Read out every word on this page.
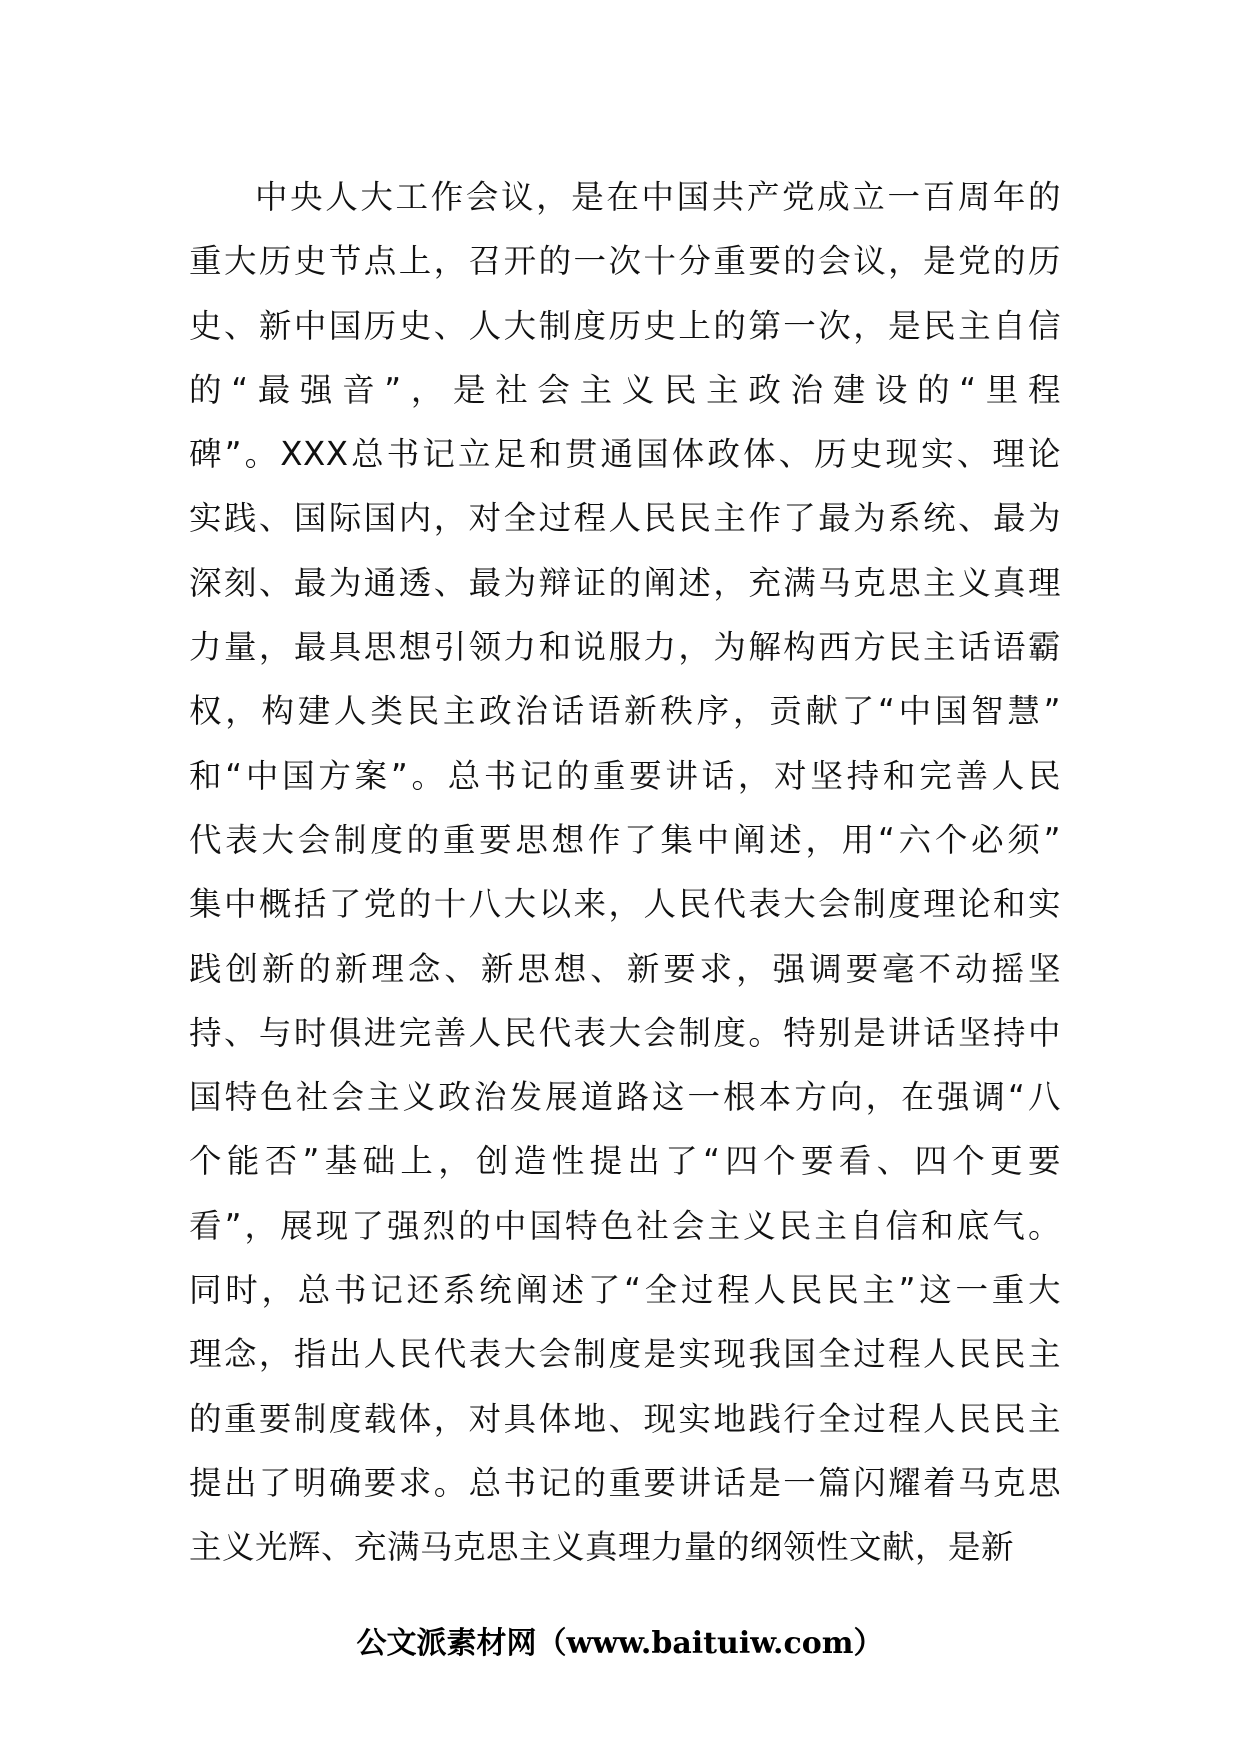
中央人大工作会议，是在中国共产党成立一百周年的
重大历史节点上，召开的一次十分重要的会议，是党的历
史、新中国历史、人大制度历史上的第一次，是民主自信
的“最强音”，是社会主义民主政治建设的“里程
碑”。XXX总书记立足和贯通国体政体、历史现实、理论
实践、国际国内，对全过程人民民主作了最为系统、最为
深刻、最为通透、最为辩证的阐述，充满马克思主义真理
力量，最具思想引领力和说服力，为解构西方民主话语霸
权，构建人类民主政治话语新秩序，贡献了“中国智慧”
和“中国方案”。总书记的重要讲话，对坚持和完善人民
代表大会制度的重要思想作了集中阐述，用“六个必须”
集中概括了党的十八大以来，人民代表大会制度理论和实
践创新的新理念、新思想、新要求，强调要毫不动摇坚
持、与时俱进完善人民代表大会制度。特别是讲话坚持中
国特色社会主义政治发展道路这一根本方向，在强调“八
个能否”基础上，创造性提出了“四个要看、四个更要
看”，展现了强烈的中国特色社会主义民主自信和底气。
同时，总书记还系统阐述了“全过程人民民主”这一重大
理念，指出人民代表大会制度是实现我国全过程人民民主
的重要制度载体，对具体地、现实地践行全过程人民民主
提出了明确要求。总书记的重要讲话是一篇闪耀着马克思
主义光辉、充满马克思主义真理力量的纲领性文献，是新

公文派素材网（www.baituiw.com）
